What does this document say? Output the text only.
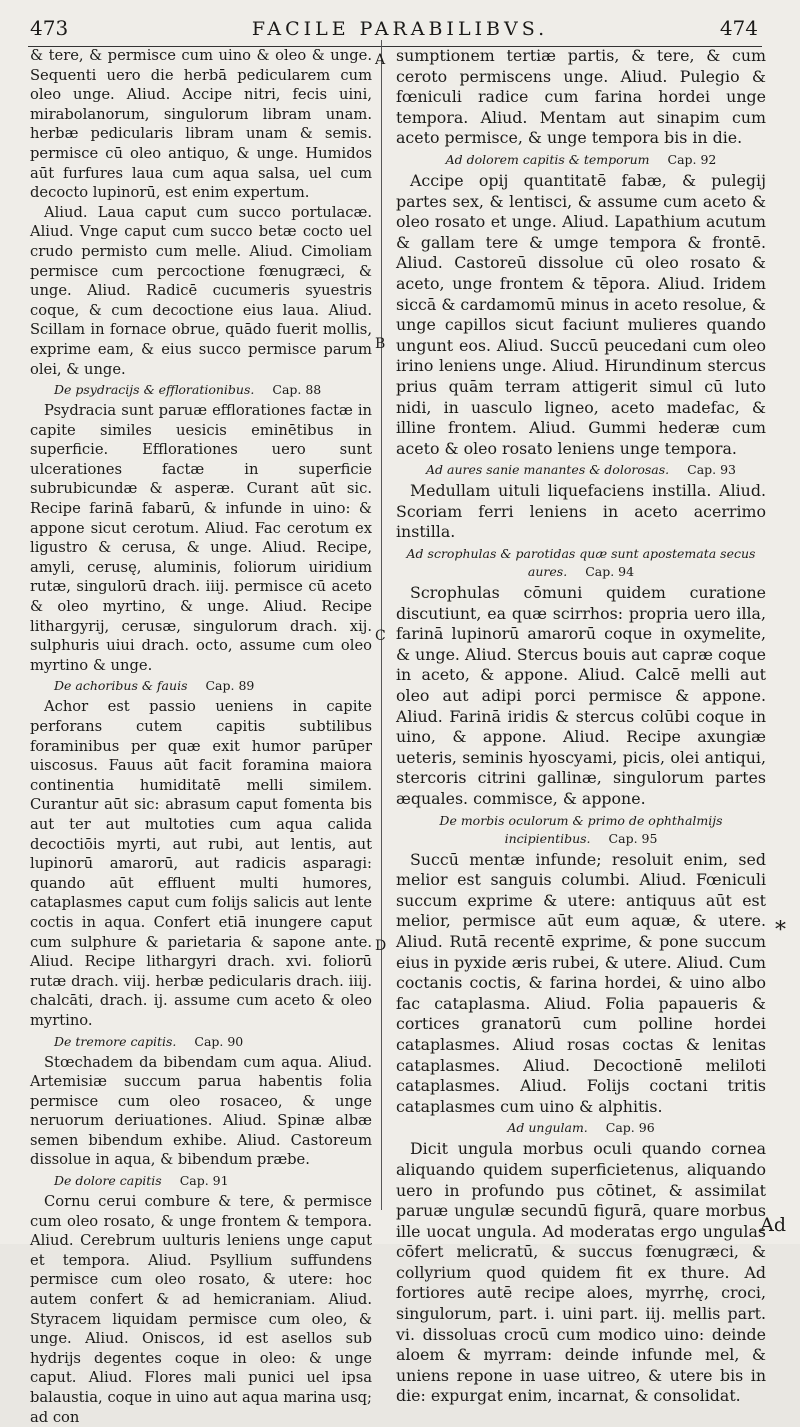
473	FACILE PARABILIBVS.	474
A
B
C
D

& tere, & permisce cum uino & oleo & unge. Sequenti uero die herbā pedicularem cum oleo unge. Aliud. Accipe nitri, fecis uini, mirabolanorum, singulorum libram unam. herbæ pedicularis libram unam & semis. permisce cū oleo antiquo, & unge. Humidos aūt furfures laua cum aqua salsa, uel cum decocto lupinorū, est enim expertum.

Aliud. Laua caput cum succo portulacæ. Aliud. Vnge caput cum succo betæ cocto uel crudo permisto cum melle. Aliud. Cimoliam permisce cum percoctione fœnugræci, & unge. Aliud. Radicē cucumeris syuestris coque, & cum decoctione eius laua. Aliud. Scillam in fornace obrue, quādo fuerit mollis, exprime eam, & eius succo permisce parum olei, & unge.

De psydracijs & efflorationibus. Cap. 88

Psydracia sunt paruæ efflorationes factæ in capite similes uesicis eminētibus in superficie. Efflorationes uero sunt ulcerationes factæ in superficie subrubicundæ & asperæ. Curant aūt sic. Recipe farinā fabarū, & infunde in uino: & appone sicut cerotum. Aliud. Fac cerotum ex ligustro & cerusa, & unge. Aliud. Recipe, amyli, cerusę, aluminis, foliorum uiridium rutæ, singulorū drach. iiij. permisce cū aceto & oleo myrtino, & unge. Aliud. Recipe lithargyrij, cerusæ, singulorum drach. xij. sulphuris uiui drach. octo, assume cum oleo myrtino & unge.

De achoribus & fauis Cap. 89

Achor est passio ueniens in capite perforans cutem capitis subtilibus foraminibus per quæ exit humor parūper uiscosus. Fauus aūt facit foramina maiora continentia humiditatē melli similem. Curantur aūt sic: abrasum caput fomenta bis aut ter aut multoties cum aqua calida decoctiōis myrti, aut rubi, aut lentis, aut lupinorū amarorū, aut radicis asparagi: quando aūt effluent multi humores, cataplasmes caput cum folijs salicis aut lente coctis in aqua. Confert etiā inungere caput cum sulphure & parietaria & sapone ante. Aliud. Recipe lithargyri drach. xvi. foliorū rutæ drach. viij. herbæ pedicularis drach. iiij. chalcāti, drach. ij. assume cum aceto & oleo myrtino.

De tremore capitis. Cap. 90

Stœchadem da bibendam cum aqua. Aliud. Artemisiæ succum parua habentis folia permisce cum oleo rosaceo, & unge neruorum deriuationes. Aliud. Spinæ albæ semen bibendum exhibe. Aliud. Castoreum dissolue in aqua, & bibendum præbe.

De dolore capitis Cap. 91

Cornu cerui combure & tere, & permisce cum oleo rosato, & unge frontem & tempora. Aliud. Cerebrum uulturis leniens unge caput et tempora. Aliud. Psyllium suffundens permisce cum oleo rosato, & utere: hoc autem confert & ad hemicraniam. Aliud. Styracem liquidam permisce cum oleo, & unge. Aliud. Oniscos, id est asellos sub hydrijs degentes coque in oleo: & unge caput. Aliud. Flores mali punici uel ipsa balaustia, coque in uino aut aqua marina usq; ad con

sumptionem tertiæ partis, & tere, & cum ceroto permiscens unge. Aliud. Pulegio & fœniculi radice cum farina hordei unge tempora. Aliud. Mentam aut sinapim cum aceto permisce, & unge tempora bis in die.

Ad dolorem capitis & temporum Cap. 92

Accipe opij quantitatē fabæ, & pulegij partes sex, & lentisci, & assume cum aceto & oleo rosato et unge. Aliud. Lapathium acutum & gallam tere & umge tempora & frontē. Aliud. Castoreū dissolue cū oleo rosato & aceto, unge frontem & tēpora. Aliud. Iridem siccā & cardamomū minus in aceto resolue, & unge capillos sicut faciunt mulieres quando ungunt eos. Aliud. Succū peucedani cum oleo irino leniens unge. Aliud. Hirundinum stercus prius quām terram attigerit simul cū luto nidi, in uasculo ligneo, aceto madefac, & illine frontem. Aliud. Gummi hederæ cum aceto & oleo rosato leniens unge tempora.

Ad aures sanie manantes & dolorosas. Cap. 93

Medullam uituli liquefaciens instilla. Aliud. Scoriam ferri leniens in aceto acerrimo instilla.

Ad scrophulas & parotidas quæ sunt apostemata secus aures. Cap. 94

Scrophulas cōmuni quidem curatione discutiunt, ea quæ scirrhos: propria uero illa, farinā lupinorū amarorū coque in oxymelite, & unge. Aliud. Stercus bouis aut capræ coque in aceto, & appone. Aliud. Calcē melli aut oleo aut adipi porci permisce & appone. Aliud. Farinā iridis & stercus colūbi coque in uino, & appone. Aliud. Recipe axungiæ ueteris, seminis hyoscyami, picis, olei antiqui, stercoris citrini gallinæ, singulorum partes æquales. commisce, & appone.

De morbis oculorum & primo de ophthalmijs incipientibus. Cap. 95

Succū mentæ infunde; resoluit enim, sed melior est sanguis columbi. Aliud. Fœniculi succum exprime & utere: antiquus aūt est melior, permisce aūt eum aquæ, & utere. Aliud. Rutā recentē exprime, & pone succum eius in pyxide æris rubei, & utere. Aliud. Cum coctanis coctis, & farina hordei, & uino albo fac cataplasma. Aliud. Folia papaueris & cortices granatorū cum polline hordei cataplasmes. Aliud rosas coctas & lenitas cataplasmes. Aliud. Decoctionē meliloti cataplasmes. Aliud. Folijs coctani tritis cataplasmes cum uino & alphitis.

Ad ungulam. Cap. 96

Dicit ungula morbus oculi quando cornea aliquando quidem superficietenus, aliquando uero in profundo pus cōtinet, & assimilat paruæ ungulæ secundū figurā, quare morbus ille uocat ungula. Ad moderatas ergo ungulas cōfert melicratū, & succus fœnugræci, & collyrium quod quidem fit ex thure. Ad fortiores autē recipe aloes, myrrhę, croci, singulorum, part. i. uini part. iij. mellis part. vi. dissoluas crocū cum modico uino: deinde aloem & myrram: deinde infunde mel, & uniens repone in uase uitreo, & utere bis in die: expurgat enim, incarnat, & consolidat.

*
Ad
